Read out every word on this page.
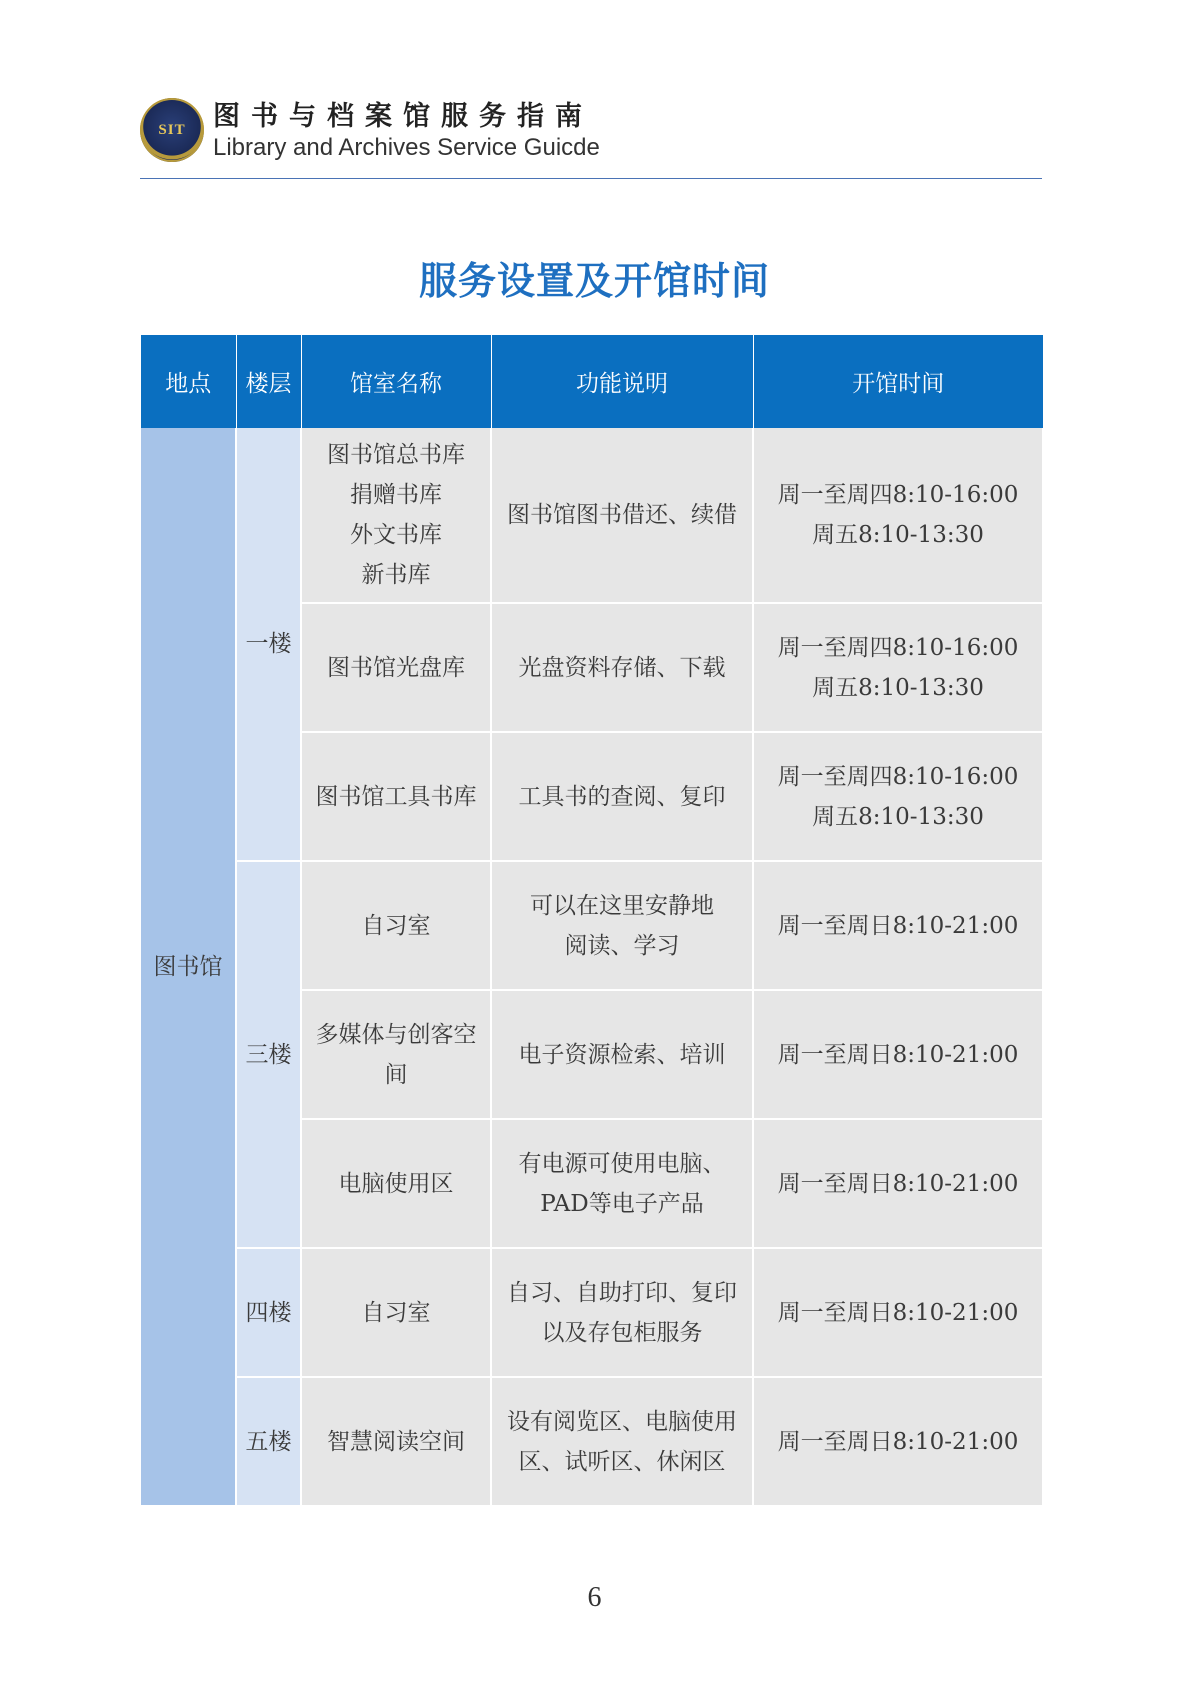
SIT	图书与档案馆服务指南
Library and Archives Service Guicde
服务设置及开馆时间
地点	楼层	馆室名称	功能说明	开馆时间
图书馆	一楼	图书馆总书库
捐赠书库
外文书库
新书库	图书馆图书借还、续借	周一至周四8:10-16:00
周五8:10-13:30

		图书馆光盘库	光盘资料存储、下载	周一至周四8:10-16:00
周五8:10-13:30

		图书馆工具书库	工具书的查阅、复印	周一至周四8:10-16:00
周五8:10-13:30

	三楼	自习室	可以在这里安静地
阅读、学习	周一至周日8:10-21:00

		多媒体与创客空
间	电子资源检索、培训	周一至周日8:10-21:00

		电脑使用区	有电源可使用电脑、
PAD等电子产品	周一至周日8:10-21:00

	四楼	自习室	自习、自助打印、复印
以及存包柜服务	周一至周日8:10-21:00

	五楼	智慧阅读空间	设有阅览区、电脑使用
区、试听区、休闲区	周一至周日8:10-21:00
6
